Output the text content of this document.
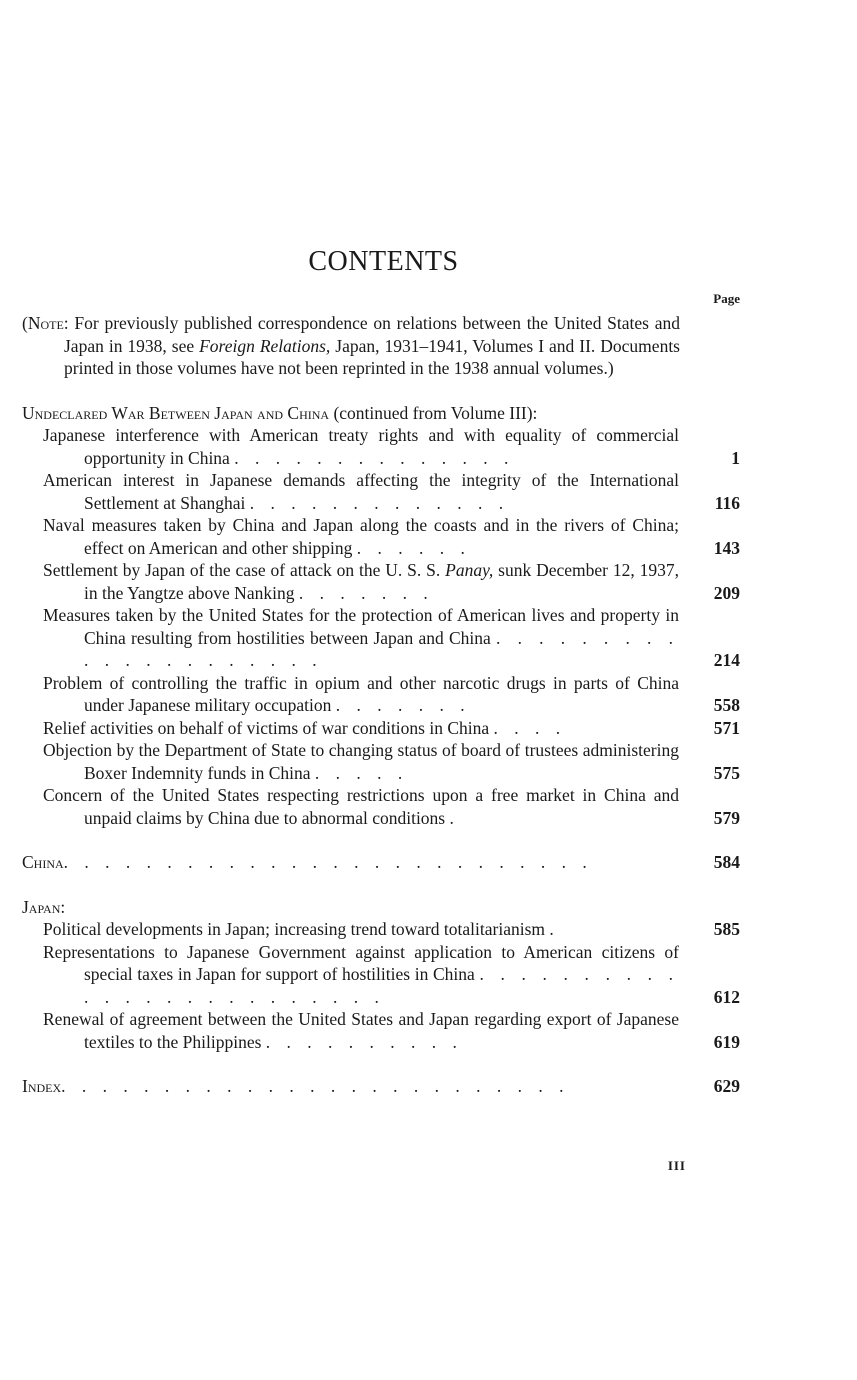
CONTENTS
Page

(Note: For previously published correspondence on relations between the United States and Japan in 1938, see Foreign Relations, Japan, 1931–1941, Volumes I and II. Documents printed in those volumes have not been reprinted in the 1938 annual volumes.)

Undeclared War Between Japan and China (continued from Volume III):

Japanese interference with American treaty rights and with equality of commercial opportunity in China . . . . . . . . . . . . . .	1
American interest in Japanese demands affecting the integrity of the International Settlement at Shanghai . . . . . . . . . . . . .	116
Naval measures taken by China and Japan along the coasts and in the rivers of China; effect on American and other shipping . . . . . .	143
Settlement by Japan of the case of attack on the U. S. S. Panay, sunk December 12, 1937, in the Yangtze above Nanking . . . . . . .	209
Measures taken by the United States for the protection of American lives and property in China resulting from hostilities between Japan and China . . . . . . . . . . . . . . . . . . . . .	214
Problem of controlling the traffic in opium and other narcotic drugs in parts of China under Japanese military occupation . . . . . . .	558
Relief activities on behalf of victims of war conditions in China . . . .	571
Objection by the Department of State to changing status of board of trustees administering Boxer Indemnity funds in China . . . . .	575
Concern of the United States respecting restrictions upon a free market in China and unpaid claims by China due to abnormal conditions .	579
China. . . . . . . . . . . . . . . . . . . . . . . . . .	584

Japan:

Political developments in Japan; increasing trend toward totalitarianism .	585
Representations to Japanese Government against application to American citizens of special taxes in Japan for support of hostilities in China . . . . . . . . . . . . . . . . . . . . . . . . .	612
Renewal of agreement between the United States and Japan regarding export of Japanese textiles to the Philippines . . . . . . . . . .	619
Index. . . . . . . . . . . . . . . . . . . . . . . . .	629
III
